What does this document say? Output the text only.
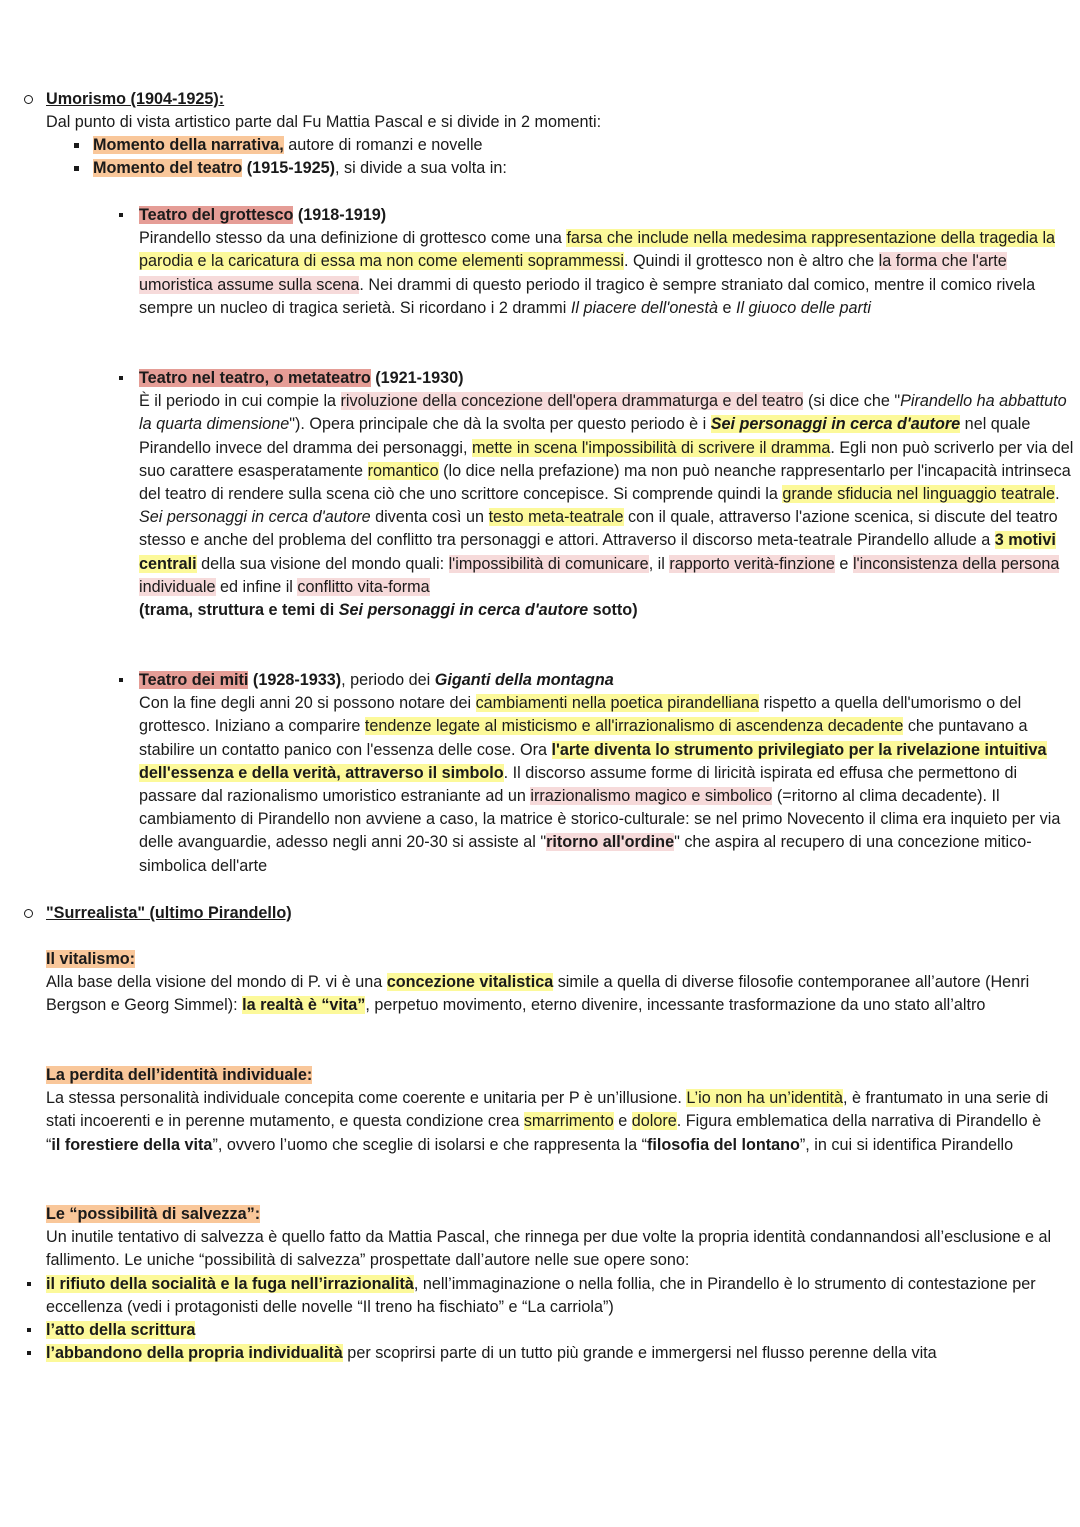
Umorismo (1904-1925):

Dal punto di vista artistico parte dal Fu Mattia Pascal e si divide in 2 momenti:

Momento della narrativa, autore di romanzi e novelle
Momento del teatro (1915-1925), si divide a sua volta in:

Teatro del grottesco (1918-1919)

Pirandello stesso da una definizione di grottesco come una farsa che include nella medesima rappresentazione della tragedia la parodia e la caricatura di essa ma non come elementi soprammessi. Quindi il grottesco non è altro che la forma che l'arte umoristica assume sulla scena. Nei drammi di questo periodo il tragico è sempre straniato dal comico, mentre il comico rivela sempre un nucleo di tragica serietà. Si ricordano i 2 drammi Il piacere dell'onestà e Il giuoco delle parti

Teatro nel teatro, o metateatro (1921-1930)

È il periodo in cui compie la rivoluzione della concezione dell'opera drammaturga e del teatro (si dice che "Pirandello ha abbattuto la quarta dimensione"). Opera principale che dà la svolta per questo periodo è i Sei personaggi in cerca d'autore nel quale Pirandello invece del dramma dei personaggi, mette in scena l'impossibilità di scrivere il dramma. Egli non può scriverlo per via del suo carattere esasperatamente romantico (lo dice nella prefazione) ma non può neanche rappresentarlo per l'incapacità intrinseca del teatro di rendere sulla scena ciò che uno scrittore concepisce. Si comprende quindi la grande sfiducia nel linguaggio teatrale. Sei personaggi in cerca d'autore diventa così un testo meta-teatrale con il quale, attraverso l'azione scenica, si discute del teatro stesso e anche del problema del conflitto tra personaggi e attori. Attraverso il discorso meta-teatrale Pirandello allude a 3 motivi centrali della sua visione del mondo quali: l'impossibilità di comunicare, il rapporto verità-finzione e l'inconsistenza della persona individuale ed infine il conflitto vita-forma

(trama, struttura e temi di Sei personaggi in cerca d'autore sotto)

Teatro dei miti (1928-1933), periodo dei Giganti della montagna

Con la fine degli anni 20 si possono notare dei cambiamenti nella poetica pirandelliana rispetto a quella dell'umorismo o del grottesco. Iniziano a comparire tendenze legate al misticismo e all'irrazionalismo di ascendenza decadente che puntavano a stabilire un contatto panico con l'essenza delle cose. Ora l'arte diventa lo strumento privilegiato per la rivelazione intuitiva dell'essenza e della verità, attraverso il simbolo. Il discorso assume forme di liricità ispirata ed effusa che permettono di passare dal razionalismo umoristico estraniante ad un irrazionalismo magico e simbolico (=ritorno al clima decadente). Il cambiamento di Pirandello non avviene a caso, la matrice è storico-culturale: se nel primo Novecento il clima era inquieto per via delle avanguardie, adesso negli anni 20-30 si assiste al "ritorno all'ordine" che aspira al recupero di una concezione mitico-simbolica dell'arte

"Surrealista" (ultimo Pirandello)

Il vitalismo:

Alla base della visione del mondo di P. vi è una concezione vitalistica simile a quella di diverse filosofie contemporanee all’autore (Henri Bergson e Georg Simmel): la realtà è “vita”, perpetuo movimento, eterno divenire, incessante trasformazione da uno stato all’altro

La perdita dell’identità individuale:

La stessa personalità individuale concepita come coerente e unitaria per P è un’illusione. L’io non ha un’identità, è frantumato in una serie di stati incoerenti e in perenne mutamento, e questa condizione crea smarrimento e dolore. Figura emblematica della narrativa di Pirandello è “il forestiere della vita”, ovvero l’uomo che sceglie di isolarsi e che rappresenta la “filosofia del lontano”, in cui si identifica Pirandello

Le “possibilità di salvezza”:

Un inutile tentativo di salvezza è quello fatto da Mattia Pascal, che rinnega per due volte la propria identità condannandosi all’esclusione e al fallimento. Le uniche “possibilità di salvezza” prospettate dall’autore nelle sue opere sono:

il rifiuto della socialità e la fuga nell’irrazionalità, nell’immaginazione o nella follia, che in Pirandello è lo strumento di contestazione per eccellenza (vedi i protagonisti delle novelle “Il treno ha fischiato” e “La carriola”)
l’atto della scrittura
l’abbandono della propria individualità per scoprirsi parte di un tutto più grande e immergersi nel flusso perenne della vita
